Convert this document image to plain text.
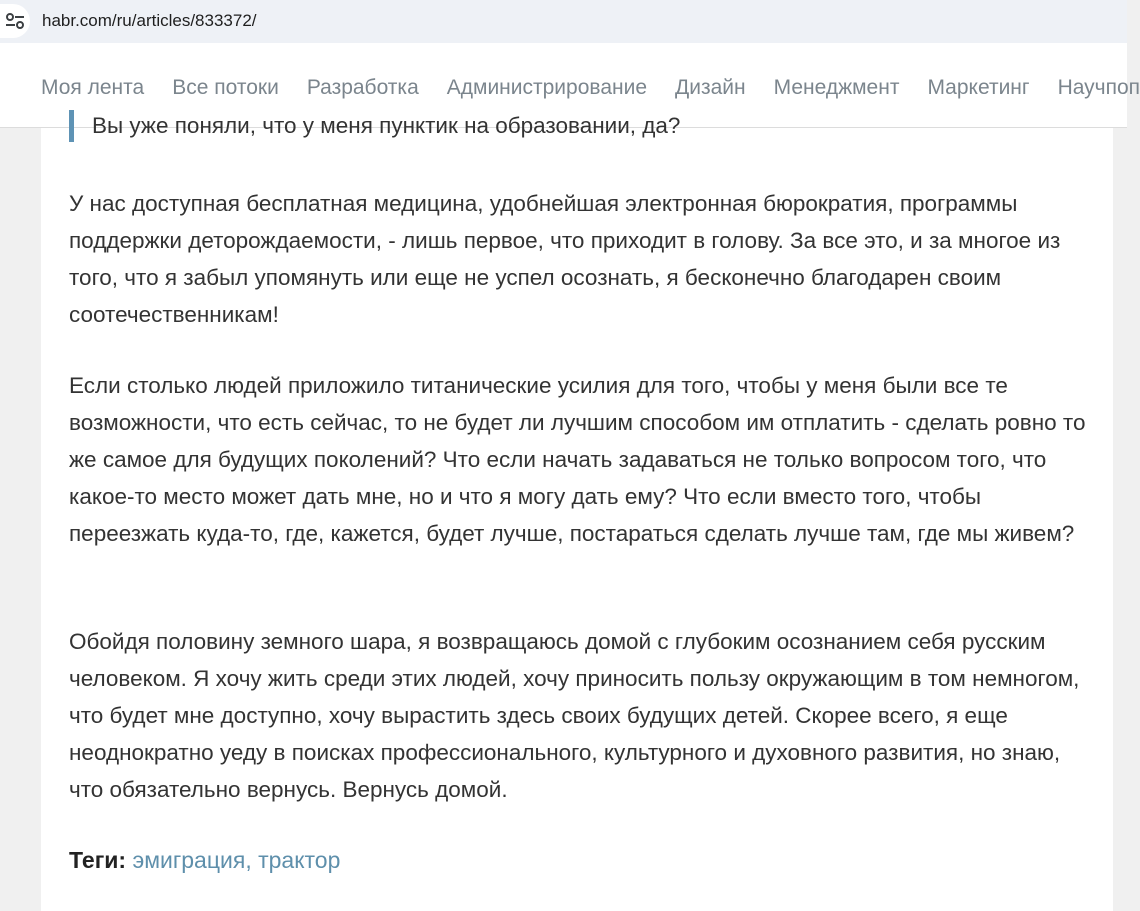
habr.com/ru/articles/833372/
Моя лента Все потоки Разработка Администрирование Дизайн Менеджмент Маркетинг Научпоп
Вы уже поняли, что у меня пунктик на образовании, да?

У нас доступная бесплатная медицина, удобнейшая электронная бюрократия, программы поддержки деторождаемости, - лишь первое, что приходит в голову. За все это, и за многое из того, что я забыл упомянуть или еще не успел осознать, я бесконечно благодарен своим соотечественникам!

Если столько людей приложило титанические усилия для того, чтобы у меня были все те возможности, что есть сейчас, то не будет ли лучшим способом им отплатить - сделать ровно то же самое для будущих поколений? Что если начать задаваться не только вопросом того, что какое-то место может дать мне, но и что я могу дать ему? Что если вместо того, чтобы переезжать куда-то, где, кажется, будет лучше, постараться сделать лучше там, где мы живем?

Обойдя половину земного шара, я возвращаюсь домой с глубоким осознанием себя русским человеком. Я хочу жить среди этих людей, хочу приносить пользу окружающим в том немногом, что будет мне доступно, хочу вырастить здесь своих будущих детей. Скорее всего, я еще неоднократно уеду в поисках профессионального, культурного и духовного развития, но знаю, что обязательно вернусь. Вернусь домой.

Теги: эмиграция, трактор
